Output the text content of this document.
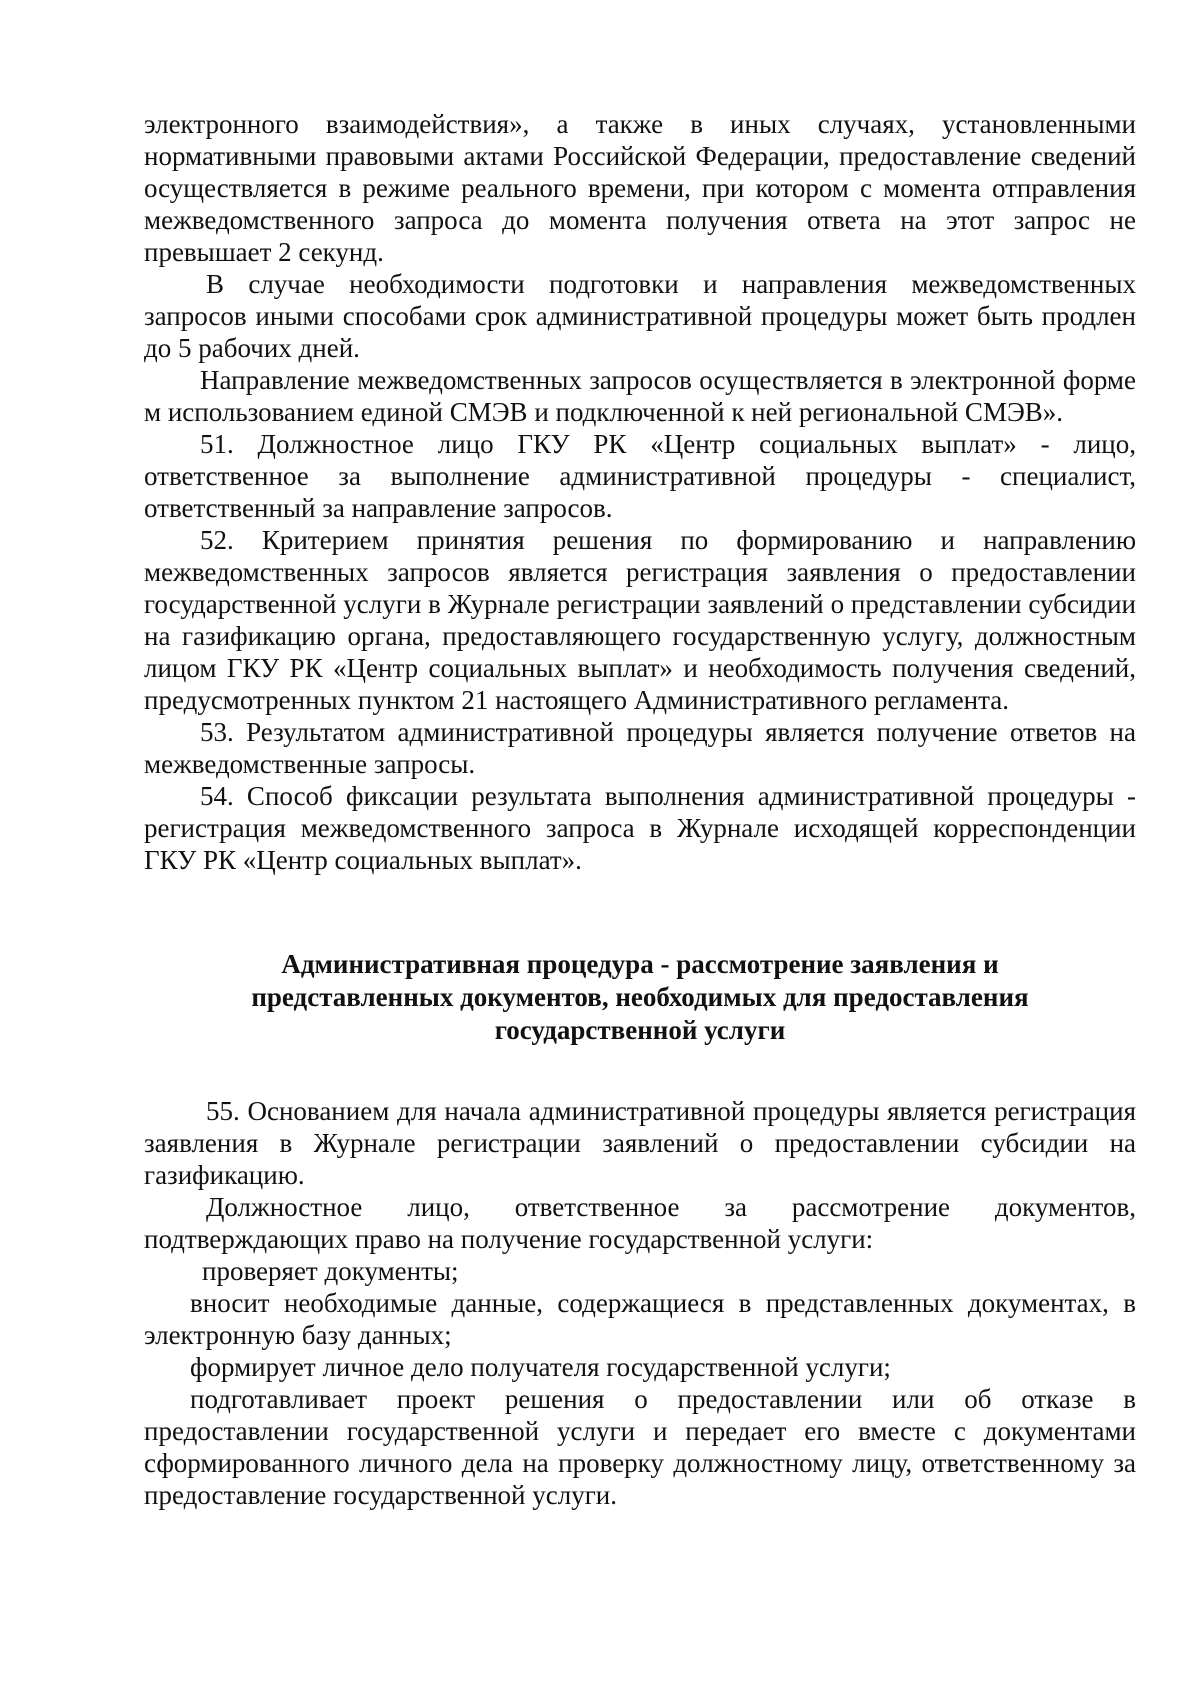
электронного взаимодействия», а также в иных случаях, установленными нормативными правовыми актами Российской Федерации, предоставление сведений осуществляется в режиме реального времени, при котором с момента отправления межведомственного запроса до момента получения ответа на этот запрос не превышает 2 секунд.

В случае необходимости подготовки и направления межведомственных запросов иными способами срок административной процедуры может быть продлен до 5 рабочих дней.

Направление межведомственных запросов осуществляется в электронной форме м использованием единой СМЭВ и подключенной к ней региональной СМЭВ».

51. Должностное лицо ГКУ РК «Центр социальных выплат» - лицо, ответственное за выполнение административной процедуры - специалист, ответственный за направление запросов.

52. Критерием принятия решения по формированию и направлению межведомственных запросов является регистрация заявления о предоставлении государственной услуги в Журнале регистрации заявлений о представлении субсидии на газификацию органа, предоставляющего государственную услугу, должностным лицом ГКУ РК «Центр социальных выплат» и необходимость получения сведений, предусмотренных пунктом 21 настоящего Административного регламента.

53. Результатом административной процедуры является получение ответов на межведомственные запросы.

54. Способ фиксации результата выполнения административной процедуры - регистрация межведомственного запроса в Журнале исходящей корреспонденции ГКУ РК «Центр социальных выплат».

Административная процедура - рассмотрение заявления и
представленных документов, необходимых для предоставления
государственной услуги

55. Основанием для начала административной процедуры является регистрация заявления в Журнале регистрации заявлений о предоставлении субсидии на газификацию.

Должностное лицо, ответственное за рассмотрение документов, подтверждающих право на получение государственной услуги:

проверяет документы;

вносит необходимые данные, содержащиеся в представленных документах, в электронную базу данных;

формирует личное дело получателя государственной услуги;

подготавливает проект решения о предоставлении или об отказе в предоставлении государственной услуги и передает его вместе с документами сформированного личного дела на проверку должностному лицу, ответственному за предоставление государственной услуги.
